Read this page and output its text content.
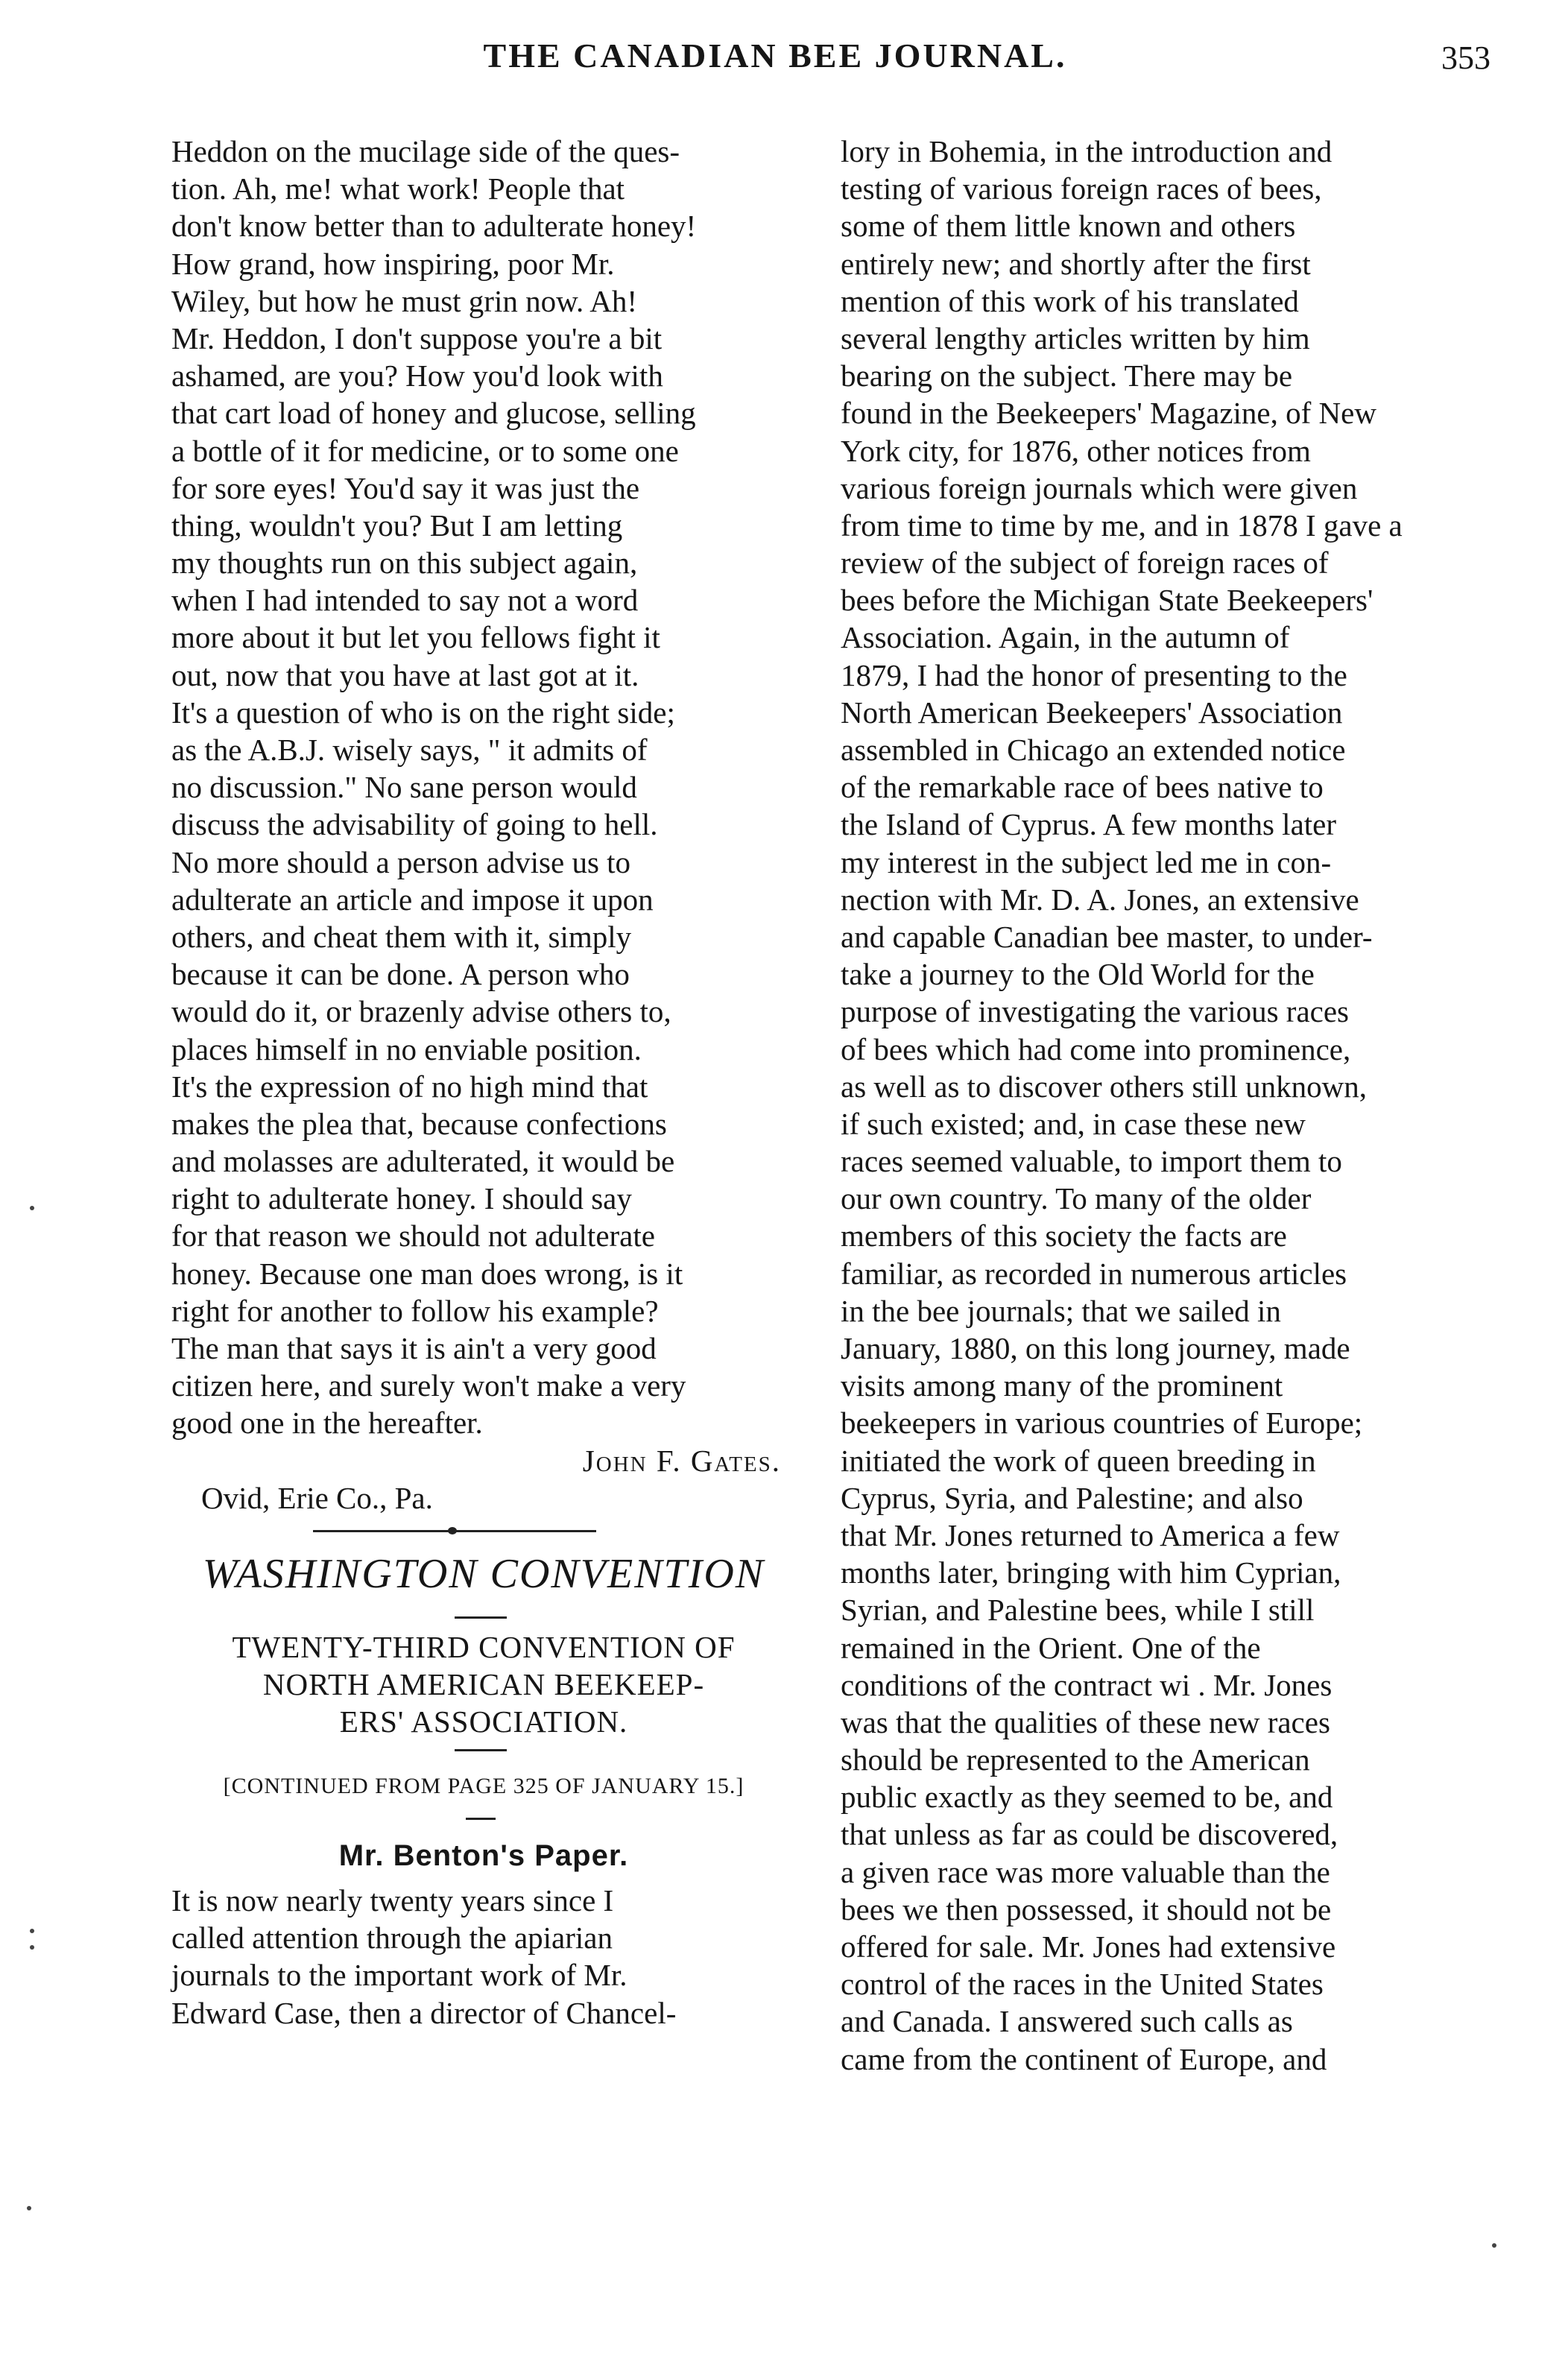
THE CANADIAN BEE JOURNAL.	353
Heddon on the mucilage side of the ques-
tion. Ah, me! what work! People that
don't know better than to adulterate honey!
How grand, how inspiring, poor Mr.
Wiley, but how he must grin now. Ah!
Mr. Heddon, I don't suppose you're a bit
ashamed, are you? How you'd look with
that cart load of honey and glucose, selling
a bottle of it for medicine, or to some one
for sore eyes! You'd say it was just the
thing, wouldn't you? But I am letting
my thoughts run on this subject again,
when I had intended to say not a word
more about it but let you fellows fight it
out, now that you have at last got at it.
It's a question of who is on the right side;
as the A.B.J. wisely says, " it admits of
no discussion." No sane person would
discuss the advisability of going to hell.
No more should a person advise us to
adulterate an article and impose it upon
others, and cheat them with it, simply
because it can be done. A person who
would do it, or brazenly advise others to,
places himself in no enviable position.
It's the expression of no high mind that
makes the plea that, because confections
and molasses are adulterated, it would be
right to adulterate honey. I should say
for that reason we should not adulterate
honey. Because one man does wrong, is it
right for another to follow his example?
The man that says it is ain't a very good
citizen here, and surely won't make a very
good one in the hereafter.
John F. Gates.
Ovid, Erie Co., Pa.
WASHINGTON CONVENTION
TWENTY-THIRD CONVENTION OF
NORTH AMERICAN BEEKEEP-
ERS' ASSOCIATION.
[CONTINUED FROM PAGE 325 OF JANUARY 15.]
Mr. Benton's Paper.
It is now nearly twenty years since I
called attention through the apiarian
journals to the important work of Mr.
Edward Case, then a director of Chancel-
lory in Bohemia, in the introduction and
testing of various foreign races of bees,
some of them little known and others
entirely new; and shortly after the first
mention of this work of his translated
several lengthy articles written by him
bearing on the subject. There may be
found in the Beekeepers' Magazine, of New
York city, for 1876, other notices from
various foreign journals which were given
from time to time by me, and in 1878 I gave a
review of the subject of foreign races of
bees before the Michigan State Beekeepers'
Association. Again, in the autumn of
1879, I had the honor of presenting to the
North American Beekeepers' Association
assembled in Chicago an extended notice
of the remarkable race of bees native to
the Island of Cyprus. A few months later
my interest in the subject led me in con-
nection with Mr. D. A. Jones, an extensive
and capable Canadian bee master, to under-
take a journey to the Old World for the
purpose of investigating the various races
of bees which had come into prominence,
as well as to discover others still unknown,
if such existed; and, in case these new
races seemed valuable, to import them to
our own country. To many of the older
members of this society the facts are
familiar, as recorded in numerous articles
in the bee journals; that we sailed in
January, 1880, on this long journey, made
visits among many of the prominent
beekeepers in various countries of Europe;
initiated the work of queen breeding in
Cyprus, Syria, and Palestine; and also
that Mr. Jones returned to America a few
months later, bringing with him Cyprian,
Syrian, and Palestine bees, while I still
remained in the Orient. One of the
conditions of the contract wi . Mr. Jones
was that the qualities of these new races
should be represented to the American
public exactly as they seemed to be, and
that unless as far as could be discovered,
a given race was more valuable than the
bees we then possessed, it should not be
offered for sale. Mr. Jones had extensive
control of the races in the United States
and Canada. I answered such calls as
came from the continent of Europe, and
